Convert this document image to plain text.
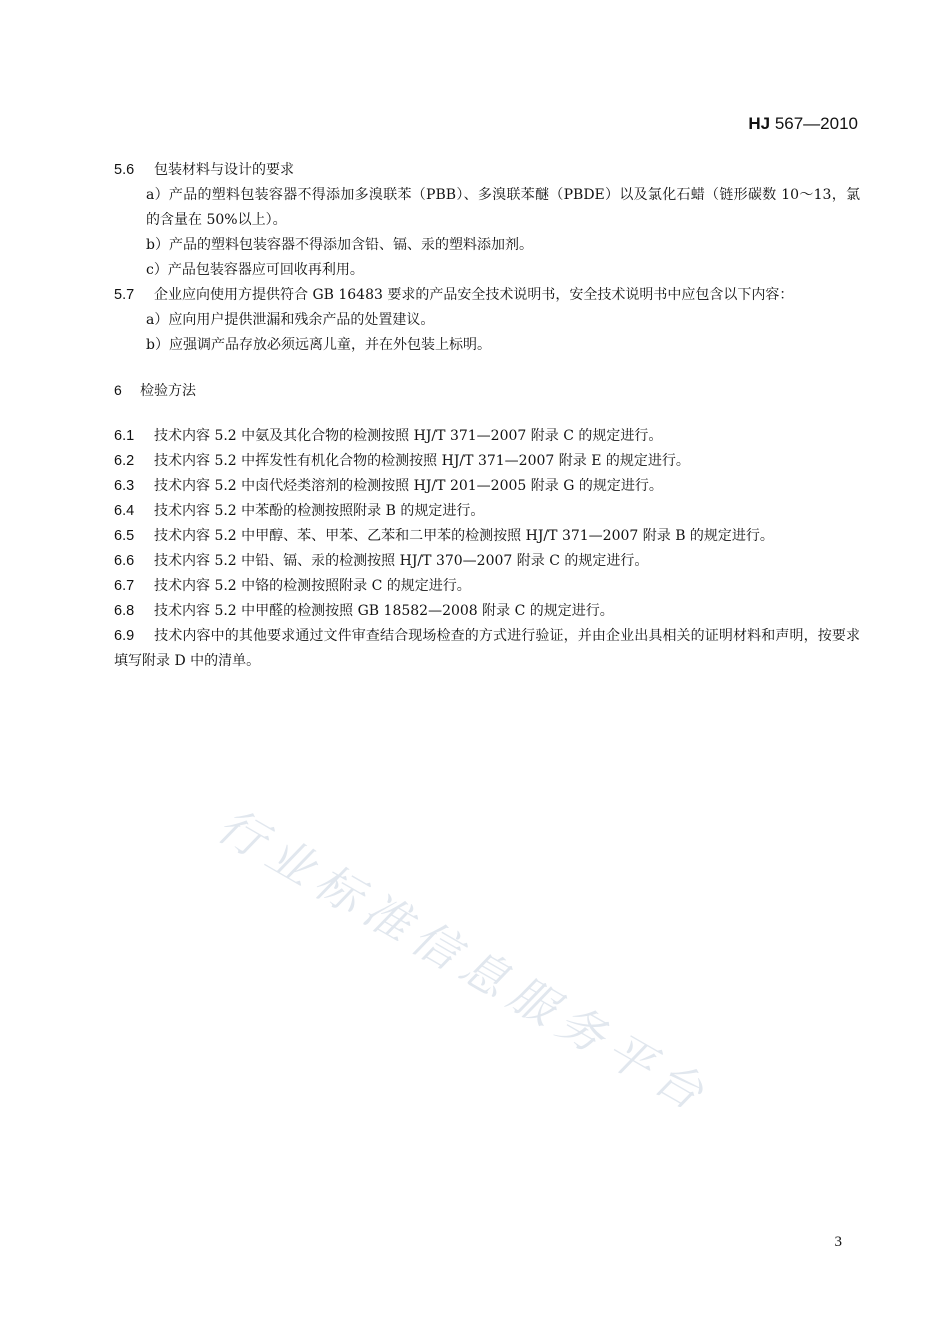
HJ 567—2010

5.6 包装材料与设计的要求

a）产品的塑料包装容器不得添加多溴联苯（PBB）、多溴联苯醚（PBDE）以及氯化石蜡（链形碳数 10～13，氯的含量在 50%以上）。

b）产品的塑料包装容器不得添加含铅、镉、汞的塑料添加剂。

c）产品包装容器应可回收再利用。

5.7 企业应向使用方提供符合 GB 16483 要求的产品安全技术说明书，安全技术说明书中应包含以下内容：

a）应向用户提供泄漏和残余产品的处置建议。

b）应强调产品存放必须远离儿童，并在外包装上标明。

6 检验方法

6.1 技术内容 5.2 中氨及其化合物的检测按照 HJ/T 371—2007 附录 C 的规定进行。

6.2 技术内容 5.2 中挥发性有机化合物的检测按照 HJ/T 371—2007 附录 E 的规定进行。

6.3 技术内容 5.2 中卤代烃类溶剂的检测按照 HJ/T 201—2005 附录 G 的规定进行。

6.4 技术内容 5.2 中苯酚的检测按照附录 B 的规定进行。

6.5 技术内容 5.2 中甲醇、苯、甲苯、乙苯和二甲苯的检测按照 HJ/T 371—2007 附录 B 的规定进行。

6.6 技术内容 5.2 中铅、镉、汞的检测按照 HJ/T 370—2007 附录 C 的规定进行。

6.7 技术内容 5.2 中铬的检测按照附录 C 的规定进行。

6.8 技术内容 5.2 中甲醛的检测按照 GB 18582—2008 附录 C 的规定进行。

6.9 技术内容中的其他要求通过文件审查结合现场检查的方式进行验证，并由企业出具相关的证明材料和声明，按要求填写附录 D 中的清单。

行业标准信息服务平台
3
